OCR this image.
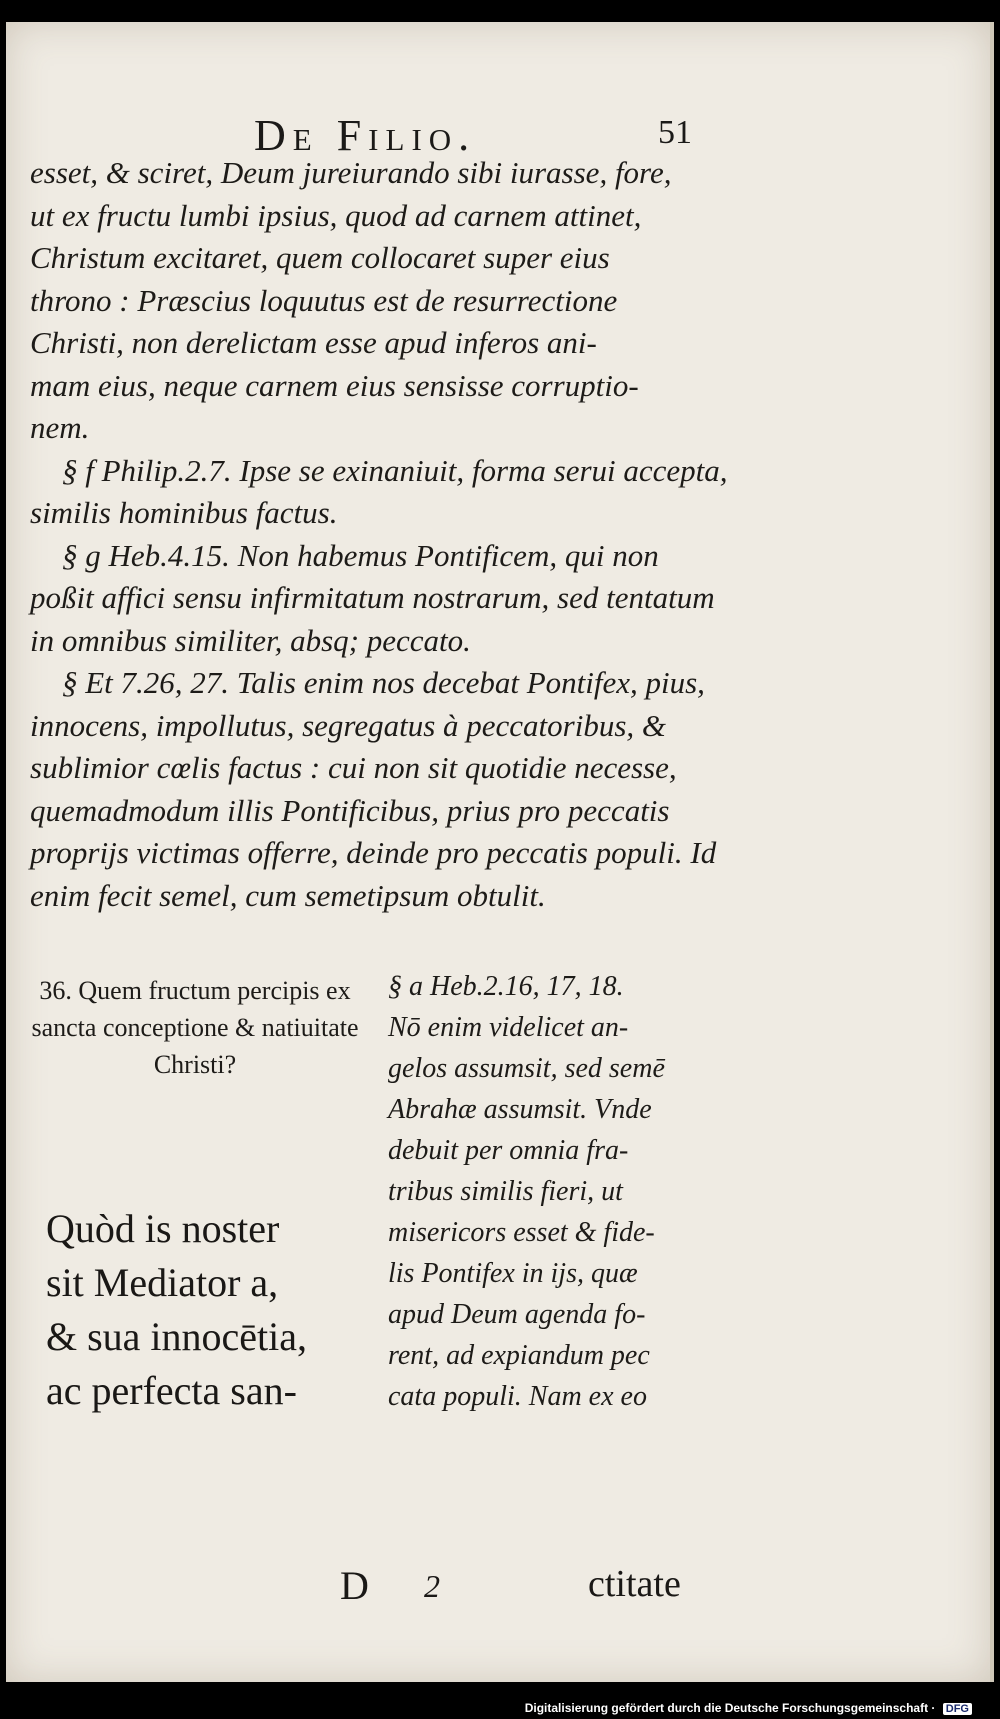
De Filio.	51

esset, & sciret, Deum jureiurando sibi iurasse, fore,

ut ex fructu lumbi ipsius, quod ad carnem attinet,

Christum excitaret, quem collocaret super eius

throno : Præscius loquutus est de resurrectione

Christi, non derelictam esse apud inferos ani-

mam eius, neque carnem eius sensisse corruptio-

nem.

§ f Philip.2.7. Ipse se exinaniuit, forma serui accepta, similis hominibus factus.

§ g Heb.4.15. Non habemus Pontificem, qui non poßit affici sensu infirmitatum nostrarum, sed tentatum in omnibus similiter, absq; peccato.

§ Et 7.26, 27. Talis enim nos decebat Pontifex, pius, innocens, impollutus, segregatus à peccatoribus, & sublimior cœlis factus : cui non sit quotidie necesse, quemadmodum illis Pontificibus, prius pro peccatis proprijs victimas offerre, deinde pro peccatis populi. Id enim fecit semel, cum semetipsum obtulit.

36. Quem fructum percipis ex sancta conceptione & natiuitate Christi?
Quòd is noster
sit Mediator a,
& sua innocētia,
ac perfecta san-
§ a Heb.2.16, 17, 18.
Nō enim videlicet an-
gelos assumsit, sed semē
Abrahæ assumsit. Vnde
debuit per omnia fra-
tribus similis fieri, ut
misericors esset & fide-
lis Pontifex in ijs, quæ
apud Deum agenda fo-
rent, ad expiandum pec
cata populi. Nam ex eo
D 2	ctitate
Digitalisierung gefördert durch die Deutsche Forschungsgemeinschaft · DFG
